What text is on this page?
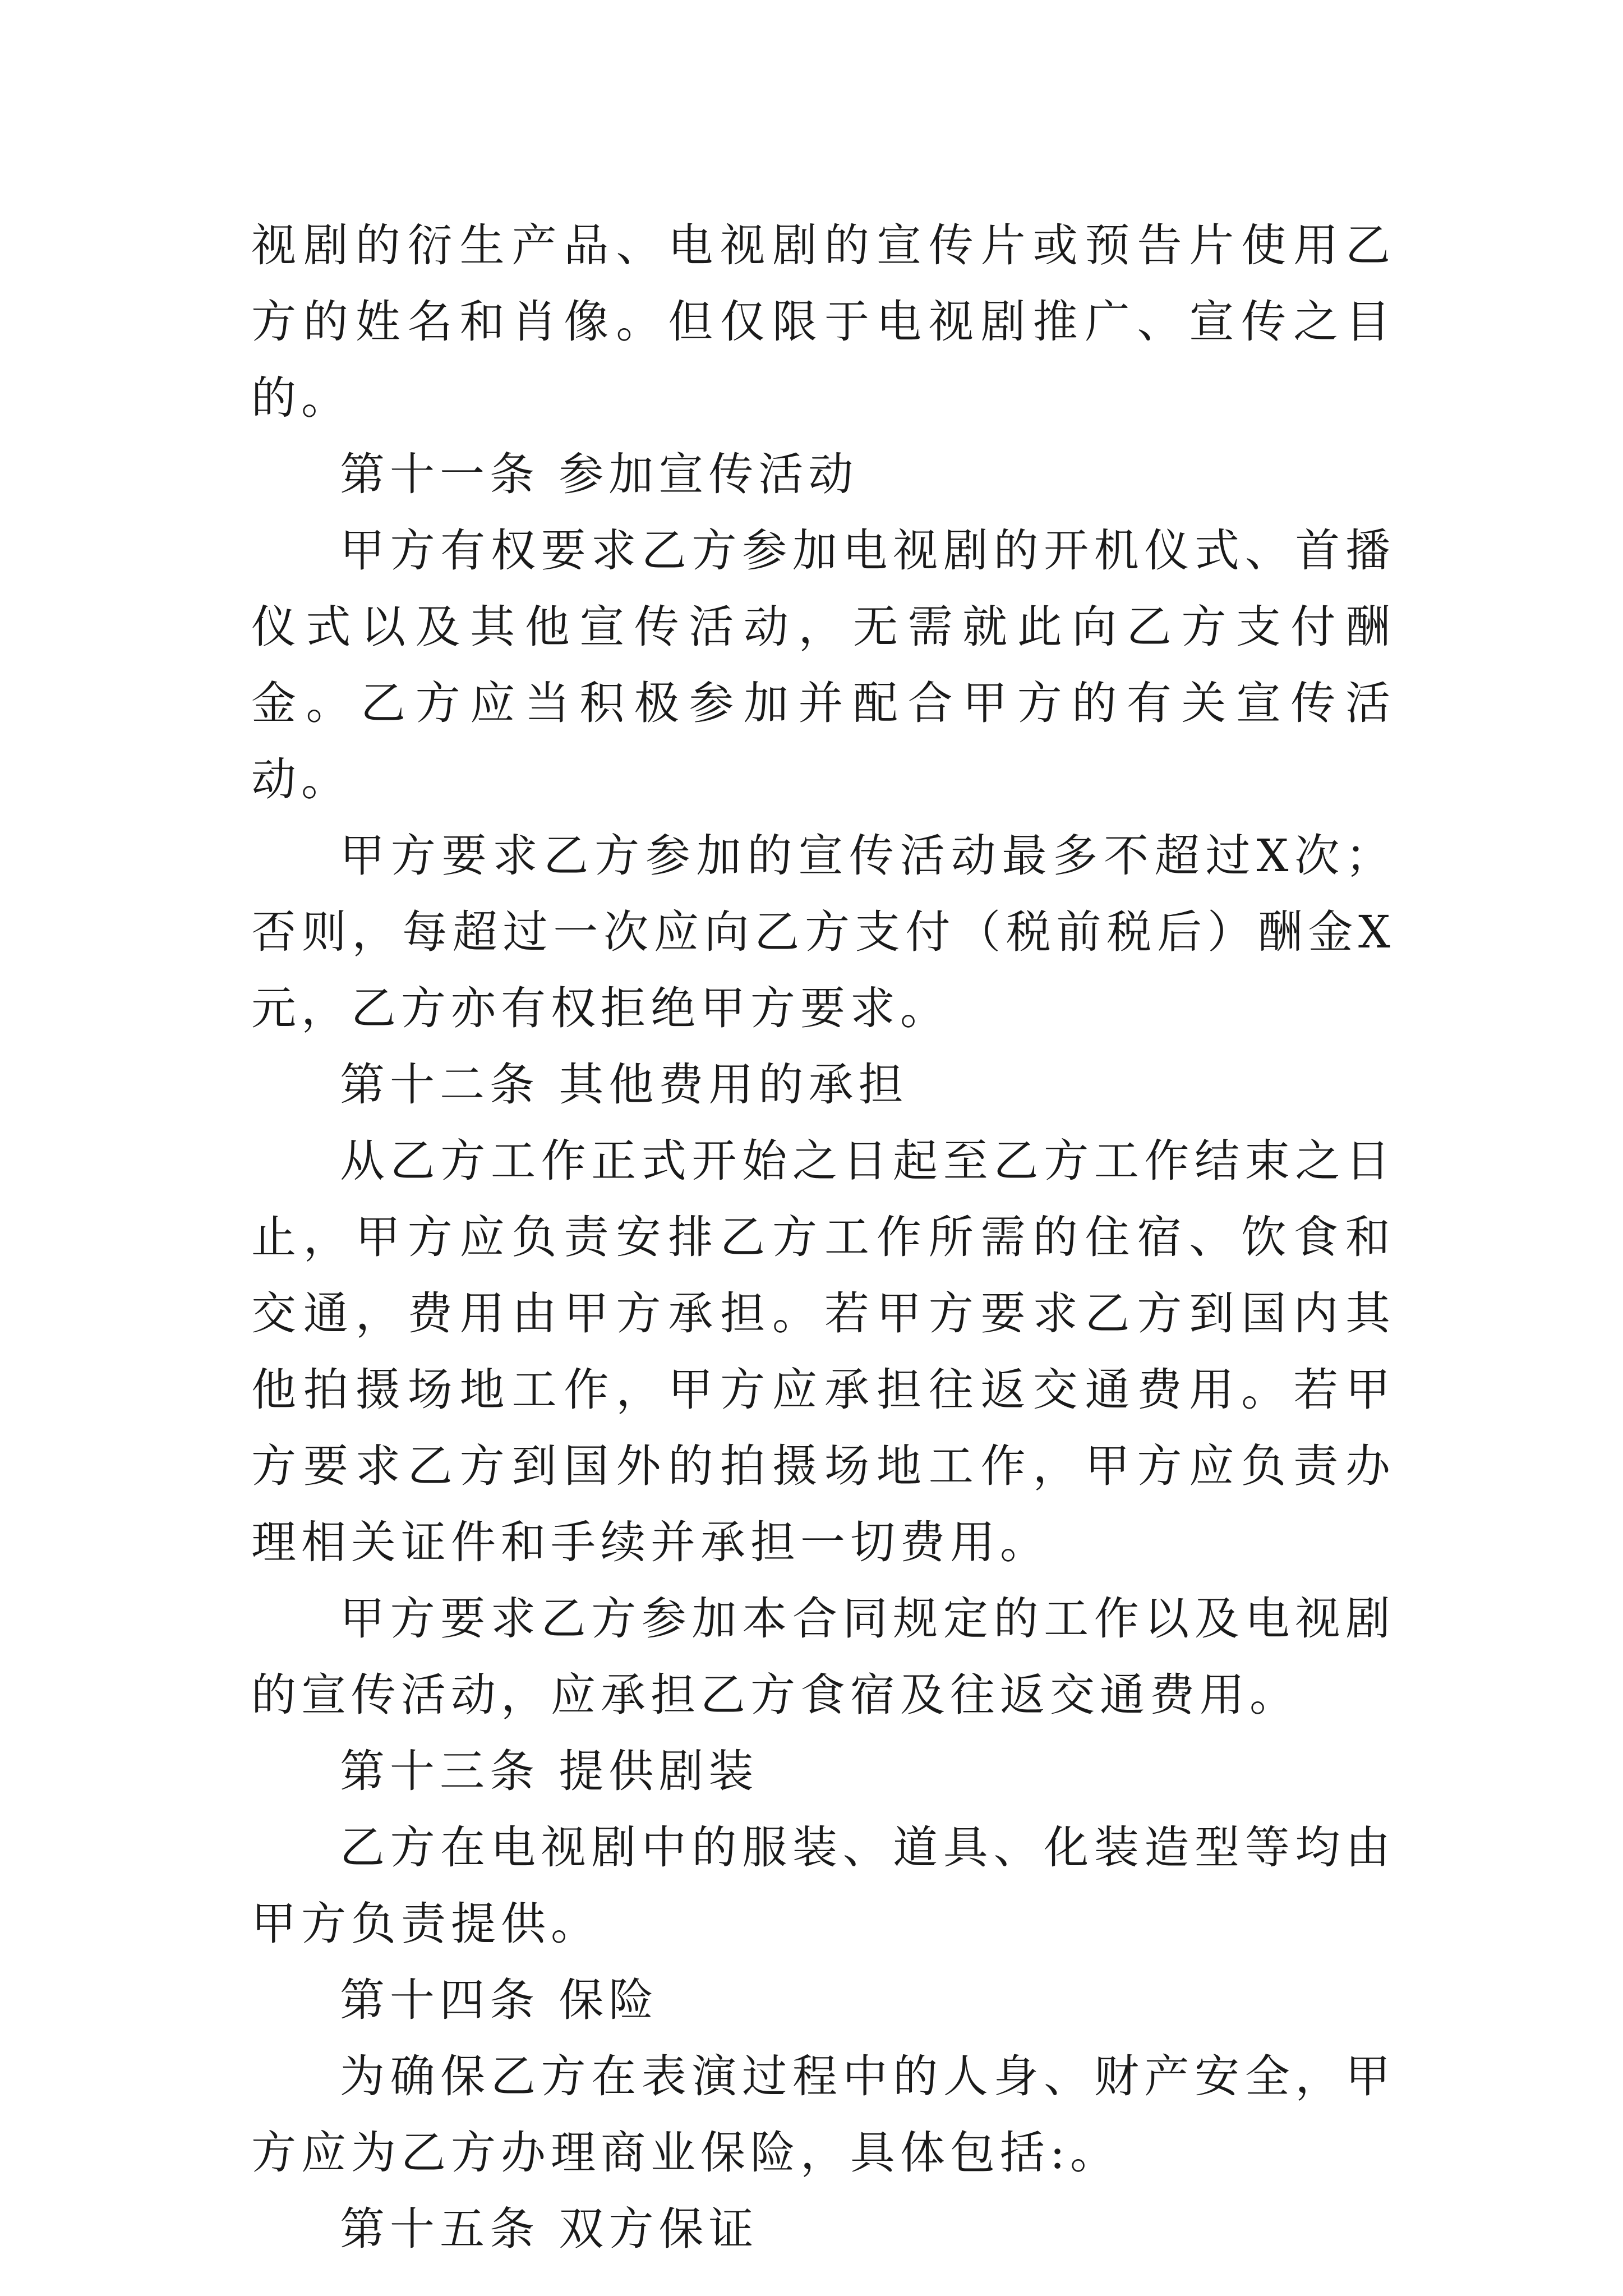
视剧的衍生产品、电视剧的宣传片或预告片使用乙方的姓名和肖像。但仅限于电视剧推广、宣传之目的。

第十一条 参加宣传活动

甲方有权要求乙方参加电视剧的开机仪式、首播仪式以及其他宣传活动，无需就此向乙方支付酬金。乙方应当积极参加并配合甲方的有关宣传活动。

甲方要求乙方参加的宣传活动最多不超过X次；否则，每超过一次应向乙方支付（税前税后）酬金X元，乙方亦有权拒绝甲方要求。

第十二条 其他费用的承担

从乙方工作正式开始之日起至乙方工作结束之日止，甲方应负责安排乙方工作所需的住宿、饮食和交通，费用由甲方承担。若甲方要求乙方到国内其他拍摄场地工作，甲方应承担往返交通费用。若甲方要求乙方到国外的拍摄场地工作，甲方应负责办理相关证件和手续并承担一切费用。

甲方要求乙方参加本合同规定的工作以及电视剧的宣传活动，应承担乙方食宿及往返交通费用。

第十三条 提供剧装

乙方在电视剧中的服装、道具、化装造型等均由甲方负责提供。

第十四条 保险

为确保乙方在表演过程中的人身、财产安全，甲方应为乙方办理商业保险，具体包括:。

第十五条 双方保证
